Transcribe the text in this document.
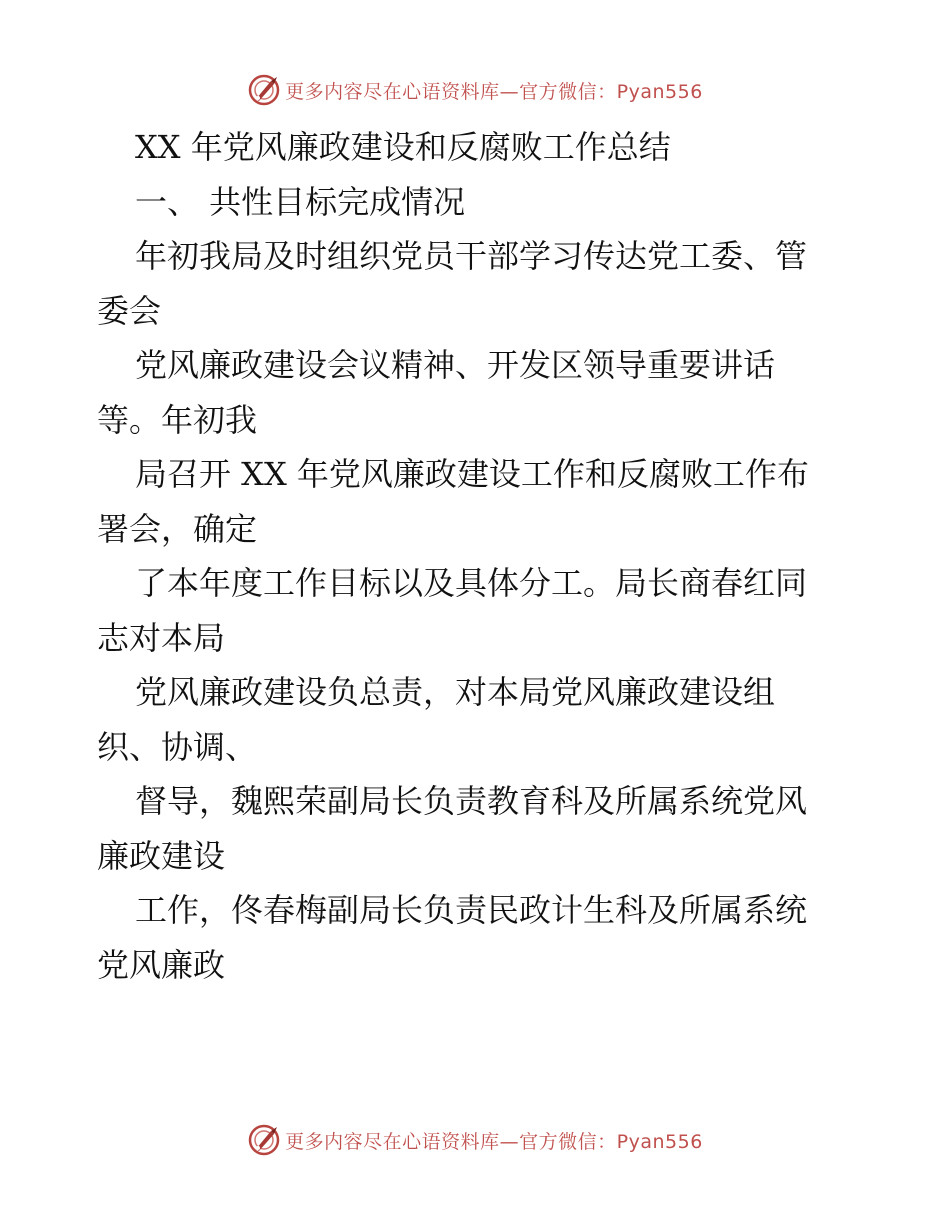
更多内容尽在心语资料库—官方微信：Pyan556
XX 年党风廉政建设和反腐败工作总结
一、 共性目标完成情况
年初我局及时组织党员干部学习传达党工委、管
委会
党风廉政建设会议精神、开发区领导重要讲话
等。年初我
局召开 XX 年党风廉政建设工作和反腐败工作布
署会，确定
了本年度工作目标以及具体分工。局长商春红同
志对本局
党风廉政建设负总责，对本局党风廉政建设组
织、协调、
督导，魏熙荣副局长负责教育科及所属系统党风
廉政建设
工作，佟春梅副局长负责民政计生科及所属系统
党风廉政
更多内容尽在心语资料库—官方微信：Pyan556
